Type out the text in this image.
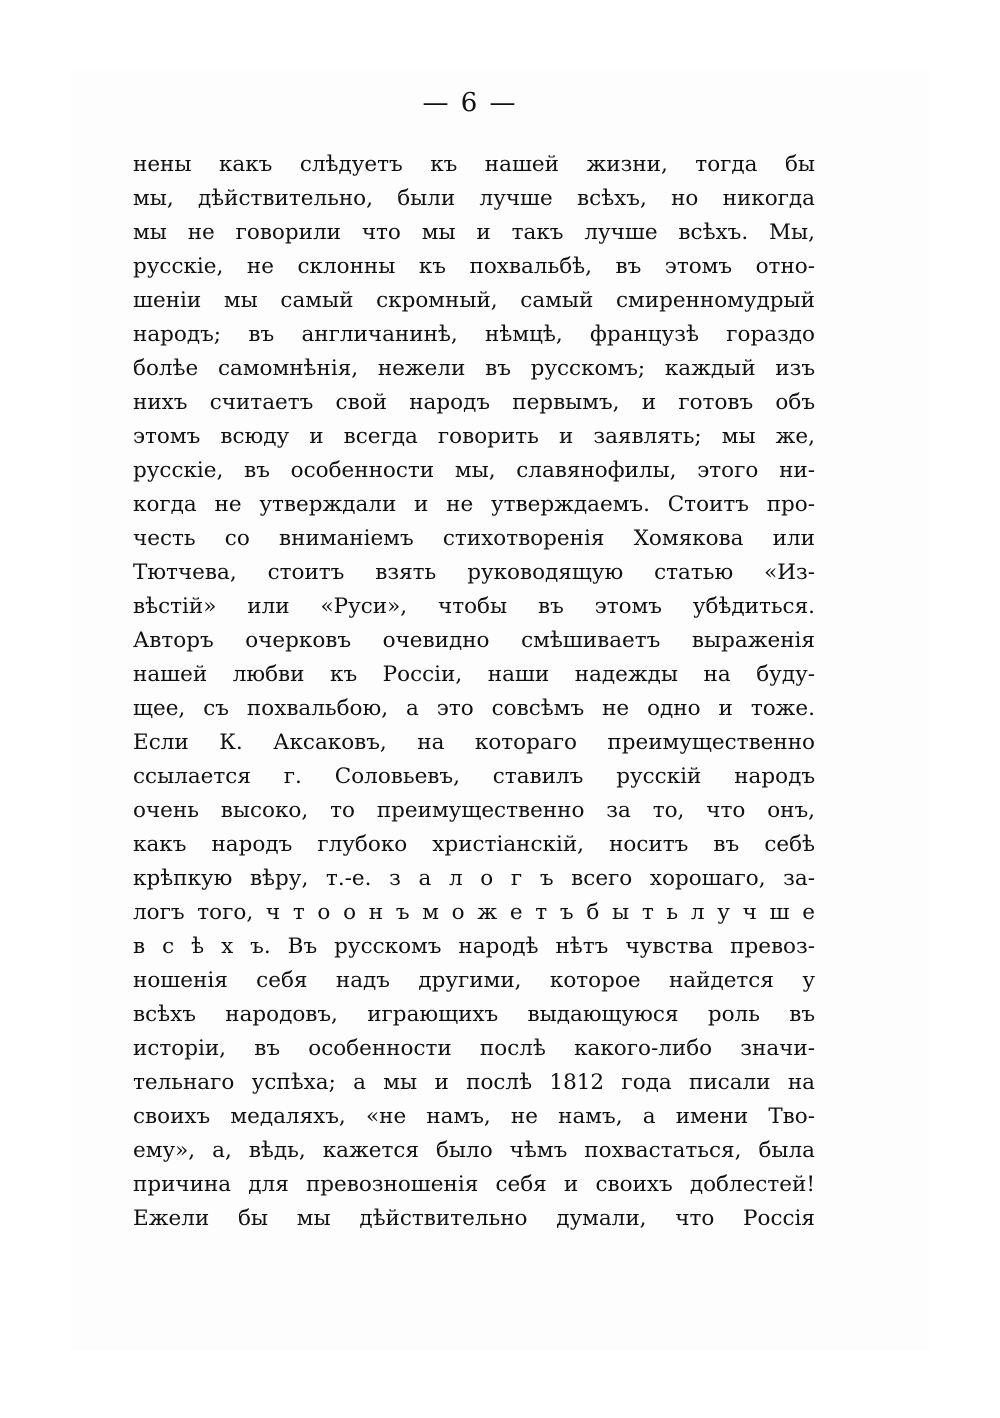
— 6 —
нены какъ слѣдуетъ къ нашей жизни, тогда бы
мы, дѣйствительно, были лучше всѣхъ, но никогда
мы не говорили что мы и такъ лучше всѣхъ. Мы,
русскіе, не склонны къ похвальбѣ, въ этомъ отно-
шеніи мы самый скромный, самый смиренномудрый
народъ; въ англичанинѣ, нѣмцѣ, французѣ гораздо
болѣе самомнѣнія, нежели въ русскомъ; каждый изъ
нихъ считаетъ свой народъ первымъ, и готовъ объ
этомъ всюду и всегда говорить и заявлять; мы же,
русскіе, въ особенности мы, славянофилы, этого ни-
когда не утверждали и не утверждаемъ. Стоитъ про-
честь со вниманіемъ стихотворенія Хомякова или
Тютчева, стоитъ взять руководящую статью «Из-
вѣстій» или «Руси», чтобы въ этомъ убѣдиться.
Авторъ очерковъ очевидно смѣшиваетъ выраженія
нашей любви къ Россіи, наши надежды на буду-
щее, съ похвальбою, а это совсѣмъ не одно и тоже.
Если К. Аксаковъ, на котораго преимущественно
ссылается г. Соловьевъ, ставилъ русскій народъ
очень высоко, то преимущественно за то, что онъ,
какъ народъ глубоко христіанскій, носитъ въ себѣ
крѣпкую вѣру, т.-е. з а л о г ъ всего хорошаго, за-
логъ того, ч т о о н ъ м о ж е т ъ б ы т ь л у ч ш е
в с ѣ х ъ. Въ русскомъ народѣ нѣтъ чувства превоз-
ношенія себя надъ другими, которое найдется у
всѣхъ народовъ, играющихъ выдающуюся роль въ
исторіи, въ особенности послѣ какого-либо значи-
тельнаго успѣха; а мы и послѣ 1812 года писали на
своихъ медаляхъ, «не намъ, не намъ, а имени Тво-
ему», а, вѣдь, кажется было чѣмъ похвастаться, была
причина для превозношенія себя и своихъ доблестей!
Ежели бы мы дѣйствительно думали, что Россія
